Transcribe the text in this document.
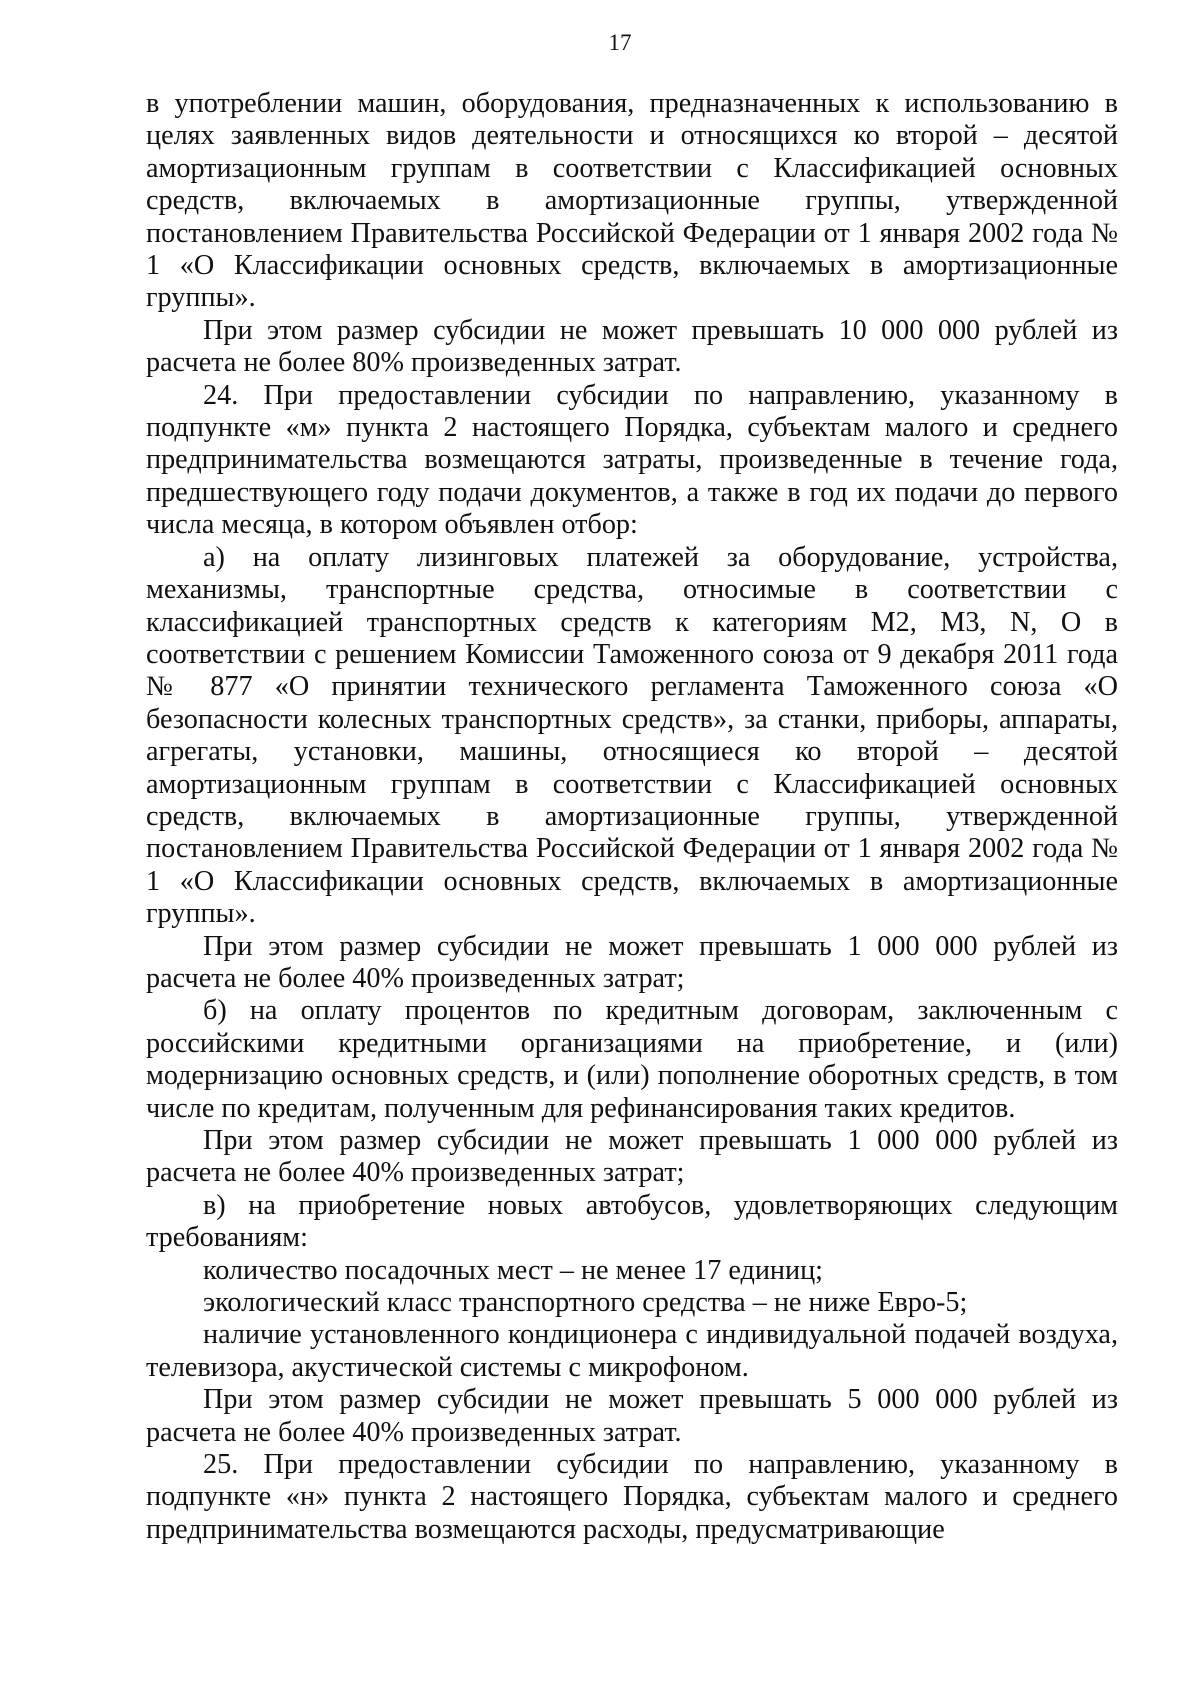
17

в употреблении машин, оборудования, предназначенных к использованию в целях заявленных видов деятельности и относящихся ко второй – десятой амортизационным группам в соответствии с Классификацией основных средств, включаемых в амортизационные группы, утвержденной постановлением Правительства Российской Федерации от 1 января 2002 года № 1 «О Классификации основных средств, включаемых в амортизационные группы».

При этом размер субсидии не может превышать 10 000 000 рублей из расчета не более 80% произведенных затрат.

24. При предоставлении субсидии по направлению, указанному в подпункте «м» пункта 2 настоящего Порядка, субъектам малого и среднего предпринимательства возмещаются затраты, произведенные в течение года, предшествующего году подачи документов, а также в год их подачи до первого числа месяца, в котором объявлен отбор:

а) на оплату лизинговых платежей за оборудование, устройства, механизмы, транспортные средства, относимые в соответствии с классификацией транспортных средств к категориям M2, M3, N, O в соответствии с решением Комиссии Таможенного союза от 9 декабря 2011 года № 877 «О принятии технического регламента Таможенного союза «О безопасности колесных транспортных средств», за станки, приборы, аппараты, агрегаты, установки, машины, относящиеся ко второй – десятой амортизационным группам в соответствии с Классификацией основных средств, включаемых в амортизационные группы, утвержденной постановлением Правительства Российской Федерации от 1 января 2002 года № 1 «О Классификации основных средств, включаемых в амортизационные группы».

При этом размер субсидии не может превышать 1 000 000 рублей из расчета не более 40% произведенных затрат;

б) на оплату процентов по кредитным договорам, заключенным с российскими кредитными организациями на приобретение, и (или) модернизацию основных средств, и (или) пополнение оборотных средств, в том числе по кредитам, полученным для рефинансирования таких кредитов.

При этом размер субсидии не может превышать 1 000 000 рублей из расчета не более 40% произведенных затрат;

в) на приобретение новых автобусов, удовлетворяющих следующим требованиям:

количество посадочных мест – не менее 17 единиц;

экологический класс транспортного средства – не ниже Евро-5;

наличие установленного кондиционера с индивидуальной подачей воздуха, телевизора, акустической системы с микрофоном.

При этом размер субсидии не может превышать 5 000 000 рублей из расчета не более 40% произведенных затрат.

25. При предоставлении субсидии по направлению, указанному в подпункте «н» пункта 2 настоящего Порядка, субъектам малого и среднего предпринимательства возмещаются расходы, предусматривающие
